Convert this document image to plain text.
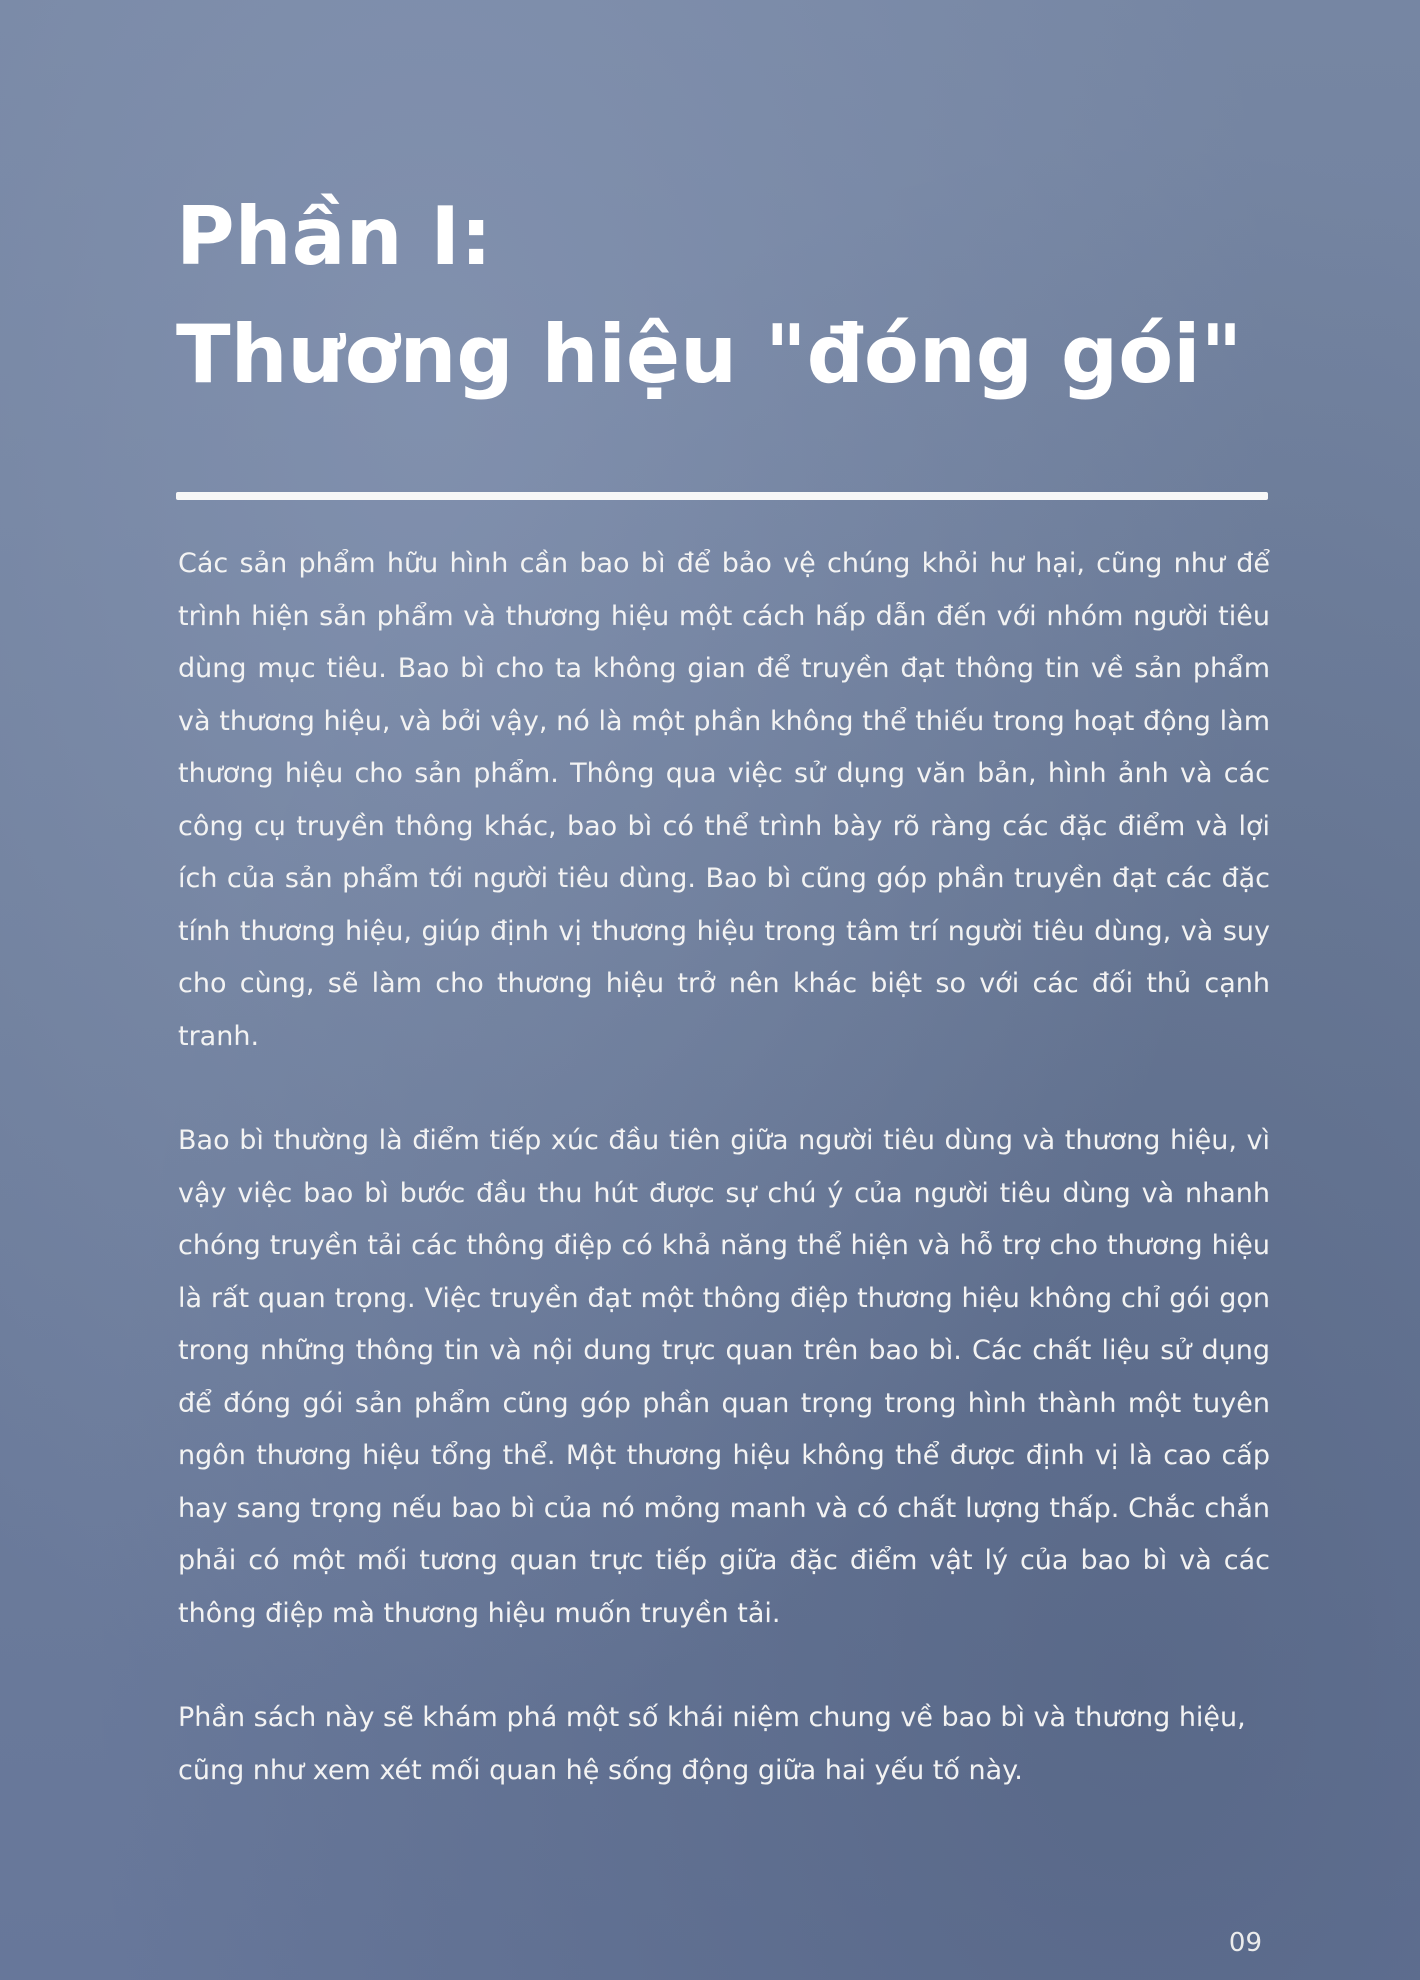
Phần I:
Thương hiệu "đóng gói"

Các sản phẩm hữu hình cần bao bì để bảo vệ chúng khỏi hư hại, cũng như để trình hiện sản phẩm và thương hiệu một cách hấp dẫn đến với nhóm người tiêu dùng mục tiêu. Bao bì cho ta không gian để truyền đạt thông tin về sản phẩm và thương hiệu, và bởi vậy, nó là một phần không thể thiếu trong hoạt động làm thương hiệu cho sản phẩm. Thông qua việc sử dụng văn bản, hình ảnh và các công cụ truyền thông khác, bao bì có thể trình bày rõ ràng các đặc điểm và lợi ích của sản phẩm tới người tiêu dùng. Bao bì cũng góp phần truyền đạt các đặc tính thương hiệu, giúp định vị thương hiệu trong tâm trí người tiêu dùng, và suy cho cùng, sẽ làm cho thương hiệu trở nên khác biệt so với các đối thủ cạnh tranh.

Bao bì thường là điểm tiếp xúc đầu tiên giữa người tiêu dùng và thương hiệu, vì vậy việc bao bì bước đầu thu hút được sự chú ý của người tiêu dùng và nhanh chóng truyền tải các thông điệp có khả năng thể hiện và hỗ trợ cho thương hiệu là rất quan trọng. Việc truyền đạt một thông điệp thương hiệu không chỉ gói gọn trong những thông tin và nội dung trực quan trên bao bì. Các chất liệu sử dụng để đóng gói sản phẩm cũng góp phần quan trọng trong hình thành một tuyên ngôn thương hiệu tổng thể. Một thương hiệu không thể được định vị là cao cấp hay sang trọng nếu bao bì của nó mỏng manh và có chất lượng thấp. Chắc chắn phải có một mối tương quan trực tiếp giữa đặc điểm vật lý của bao bì và các thông điệp mà thương hiệu muốn truyền tải.

Phần sách này sẽ khám phá một số khái niệm chung về bao bì và thương hiệu, cũng như xem xét mối quan hệ sống động giữa hai yếu tố này.

09
